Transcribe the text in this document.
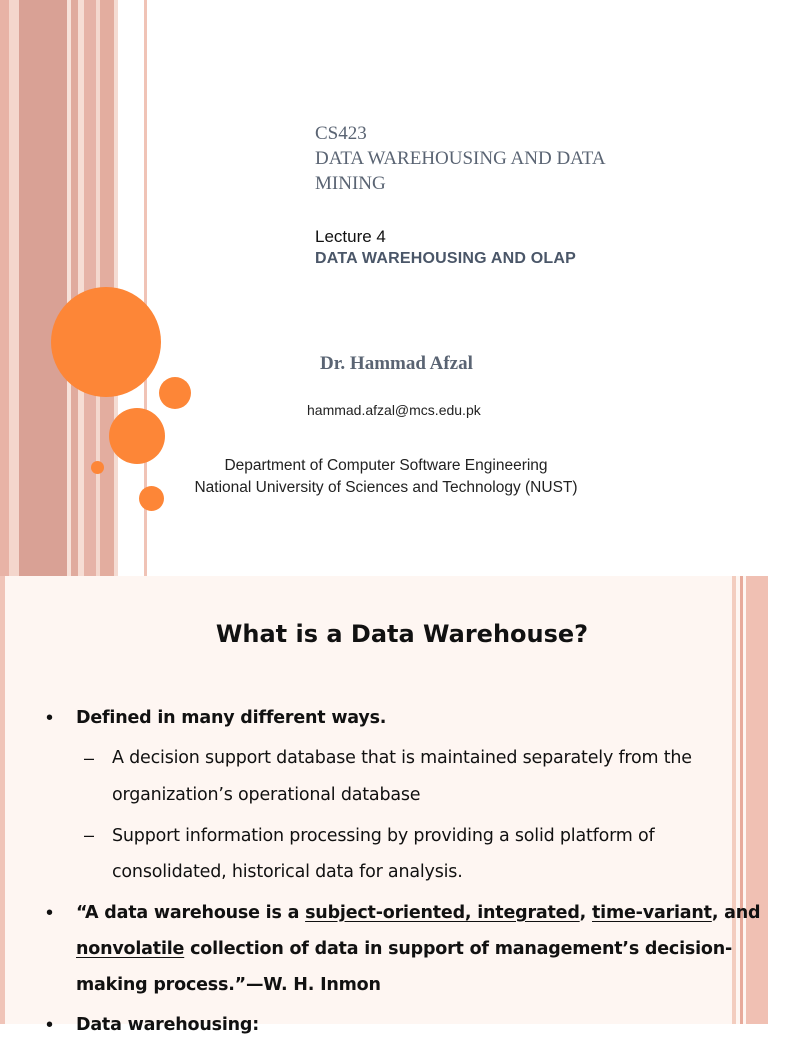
CS423
DATA WAREHOUSING AND DATA
MINING
Lecture 4
DATA WAREHOUSING AND OLAP
Dr. Hammad Afzal
hammad.afzal@mcs.edu.pk
Department of Computer Software Engineering
National University of Sciences and Technology (NUST)
What is a Data Warehouse?
• Defined in many different ways.
– A decision support database that is maintained separately from the
organization’s operational database
– Support information processing by providing a solid platform of
consolidated, historical data for analysis.
• “A data warehouse is a subject-oriented, integrated, time-variant, and
nonvolatile collection of data in support of management’s decision-
making process.”—W. H. Inmon
• Data warehousing:
